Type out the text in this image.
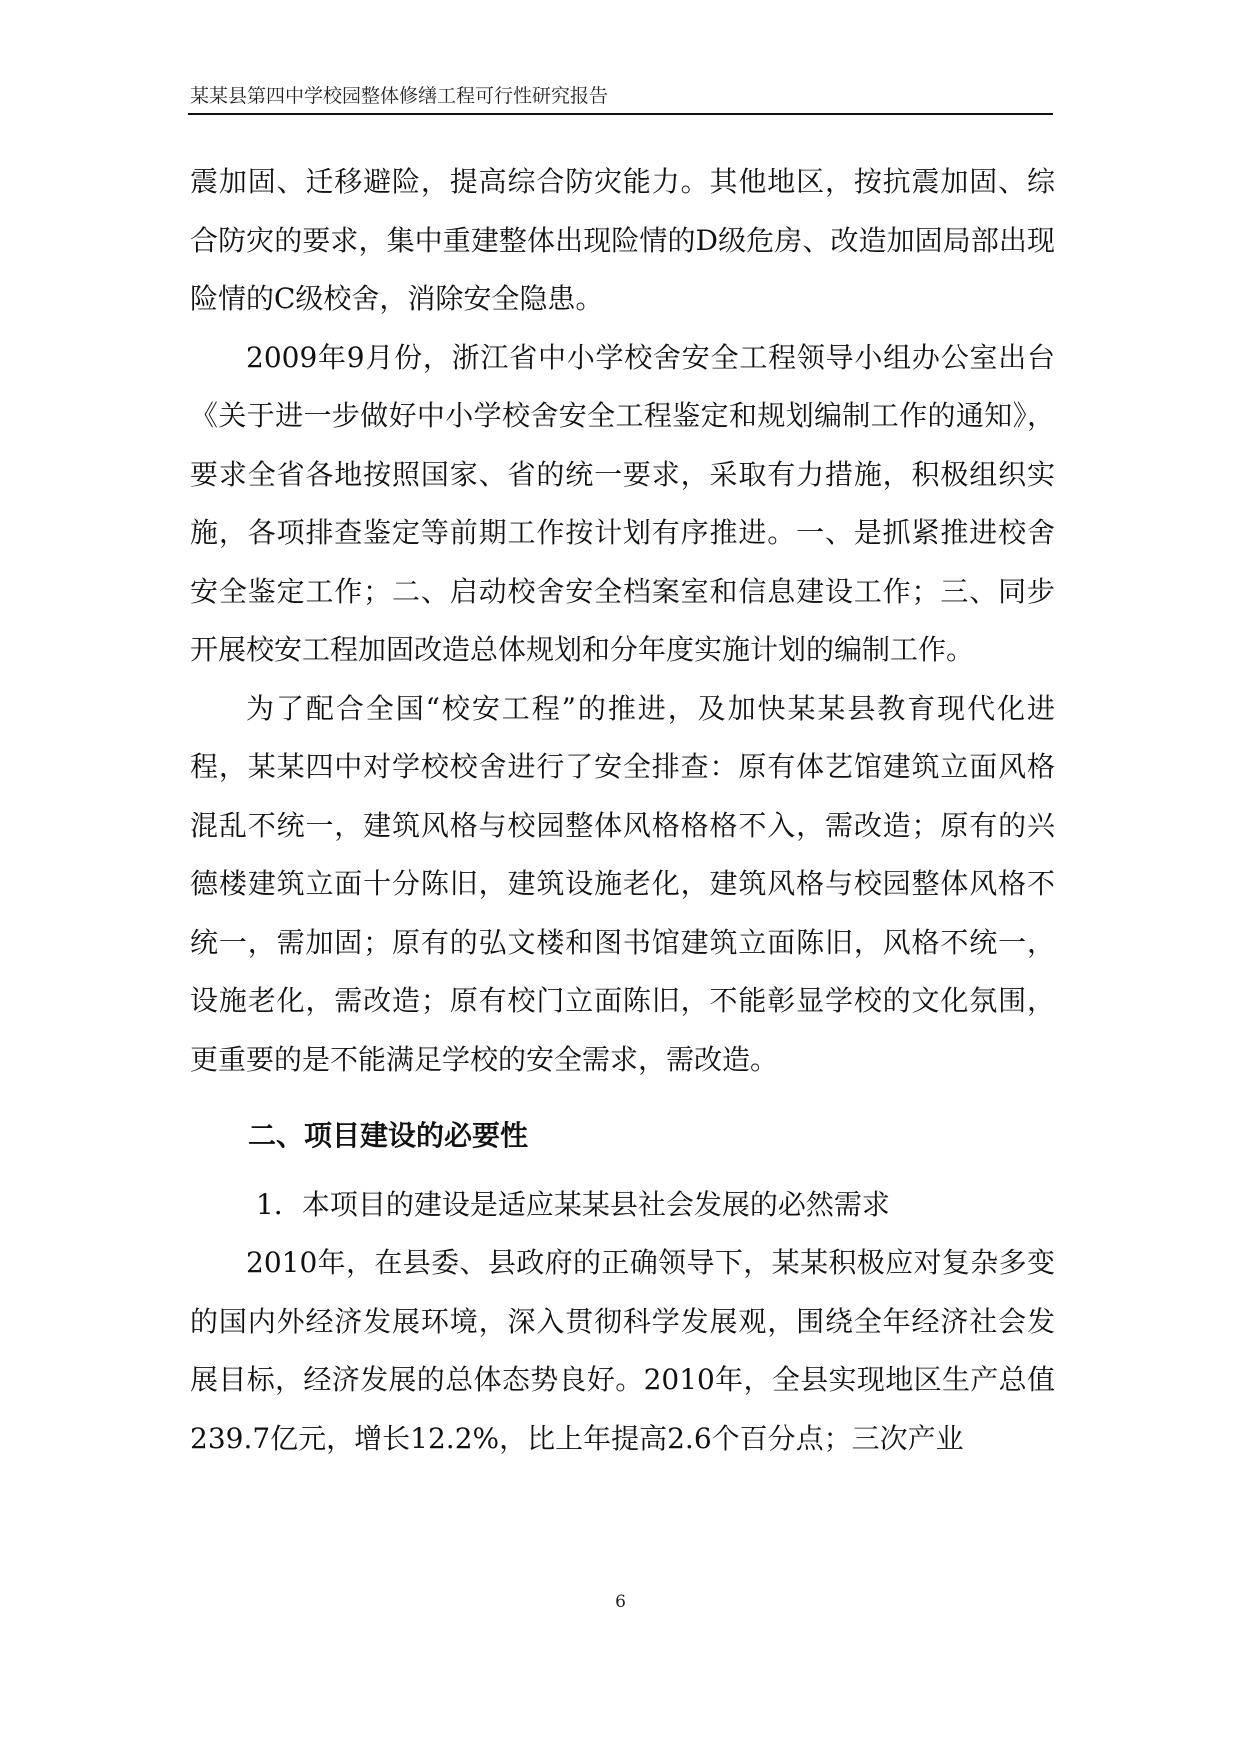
某某县第四中学校园整体修缮工程可行性研究报告

震加固、迁移避险，提高综合防灾能力。其他地区，按抗震加固、综合防灾的要求，集中重建整体出现险情的D级危房、改造加固局部出现险情的C级校舍，消除安全隐患。

2009年9月份，浙江省中小学校舍安全工程领导小组办公室出台《关于进一步做好中小学校舍安全工程鉴定和规划编制工作的通知》，要求全省各地按照国家、省的统一要求，采取有力措施，积极组织实施，各项排查鉴定等前期工作按计划有序推进。一、是抓紧推进校舍安全鉴定工作；二、启动校舍安全档案室和信息建设工作；三、同步开展校安工程加固改造总体规划和分年度实施计划的编制工作。

为了配合全国“校安工程”的推进，及加快某某县教育现代化进程，某某四中对学校校舍进行了安全排查：原有体艺馆建筑立面风格混乱不统一，建筑风格与校园整体风格格格不入，需改造；原有的兴德楼建筑立面十分陈旧，建筑设施老化，建筑风格与校园整体风格不统一，需加固；原有的弘文楼和图书馆建筑立面陈旧，风格不统一，设施老化，需改造；原有校门立面陈旧，不能彰显学校的文化氛围，更重要的是不能满足学校的安全需求，需改造。

二、项目建设的必要性

1．本项目的建设是适应某某县社会发展的必然需求

2010年，在县委、县政府的正确领导下，某某积极应对复杂多变的国内外经济发展环境，深入贯彻科学发展观，围绕全年经济社会发展目标，经济发展的总体态势良好。2010年，全县实现地区生产总值239.7亿元，增长12.2%，比上年提高2.6个百分点；三次产业

6
